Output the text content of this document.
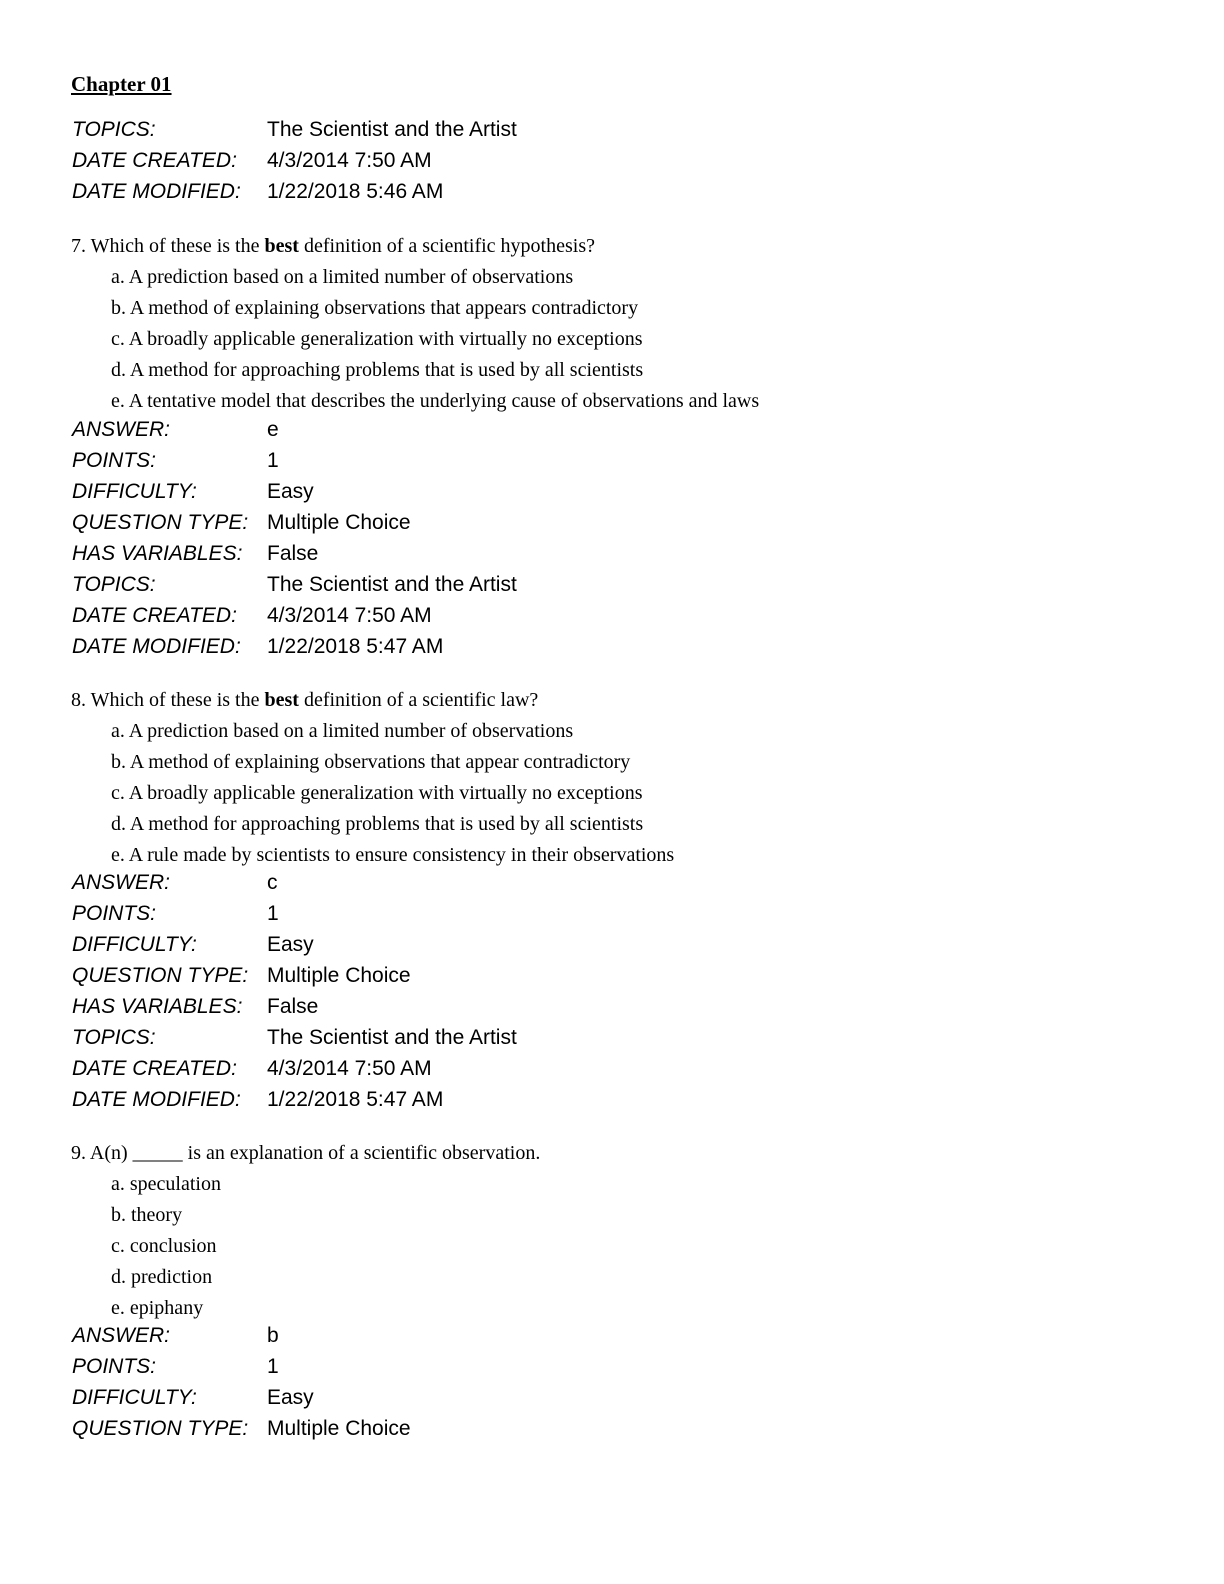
Chapter 01
TOPICS:	The Scientist and the Artist
DATE CREATED: 4/3/2014 7:50 AM
DATE MODIFIED: 1/22/2018 5:46 AM
7. Which of these is the best definition of a scientific hypothesis?
a. A prediction based on a limited number of observations
b. A method of explaining observations that appears contradictory
c. A broadly applicable generalization with virtually no exceptions
d. A method for approaching problems that is used by all scientists
e. A tentative model that describes the underlying cause of observations and laws
ANSWER:	e
POINTS:	1
DIFFICULTY:	Easy
QUESTION TYPE: Multiple Choice
HAS VARIABLES: False
TOPICS:	The Scientist and the Artist
DATE CREATED: 4/3/2014 7:50 AM
DATE MODIFIED: 1/22/2018 5:47 AM
8. Which of these is the best definition of a scientific law?
a. A prediction based on a limited number of observations
b. A method of explaining observations that appear contradictory
c. A broadly applicable generalization with virtually no exceptions
d. A method for approaching problems that is used by all scientists
e. A rule made by scientists to ensure consistency in their observations
ANSWER:	c
POINTS:	1
DIFFICULTY:	Easy
QUESTION TYPE: Multiple Choice
HAS VARIABLES: False
TOPICS:	The Scientist and the Artist
DATE CREATED: 4/3/2014 7:50 AM
DATE MODIFIED: 1/22/2018 5:47 AM
9. A(n) _____ is an explanation of a scientific observation.
a. speculation
b. theory
c. conclusion
d. prediction
e. epiphany
ANSWER:	b
POINTS:	1
DIFFICULTY:	Easy
QUESTION TYPE: Multiple Choice
